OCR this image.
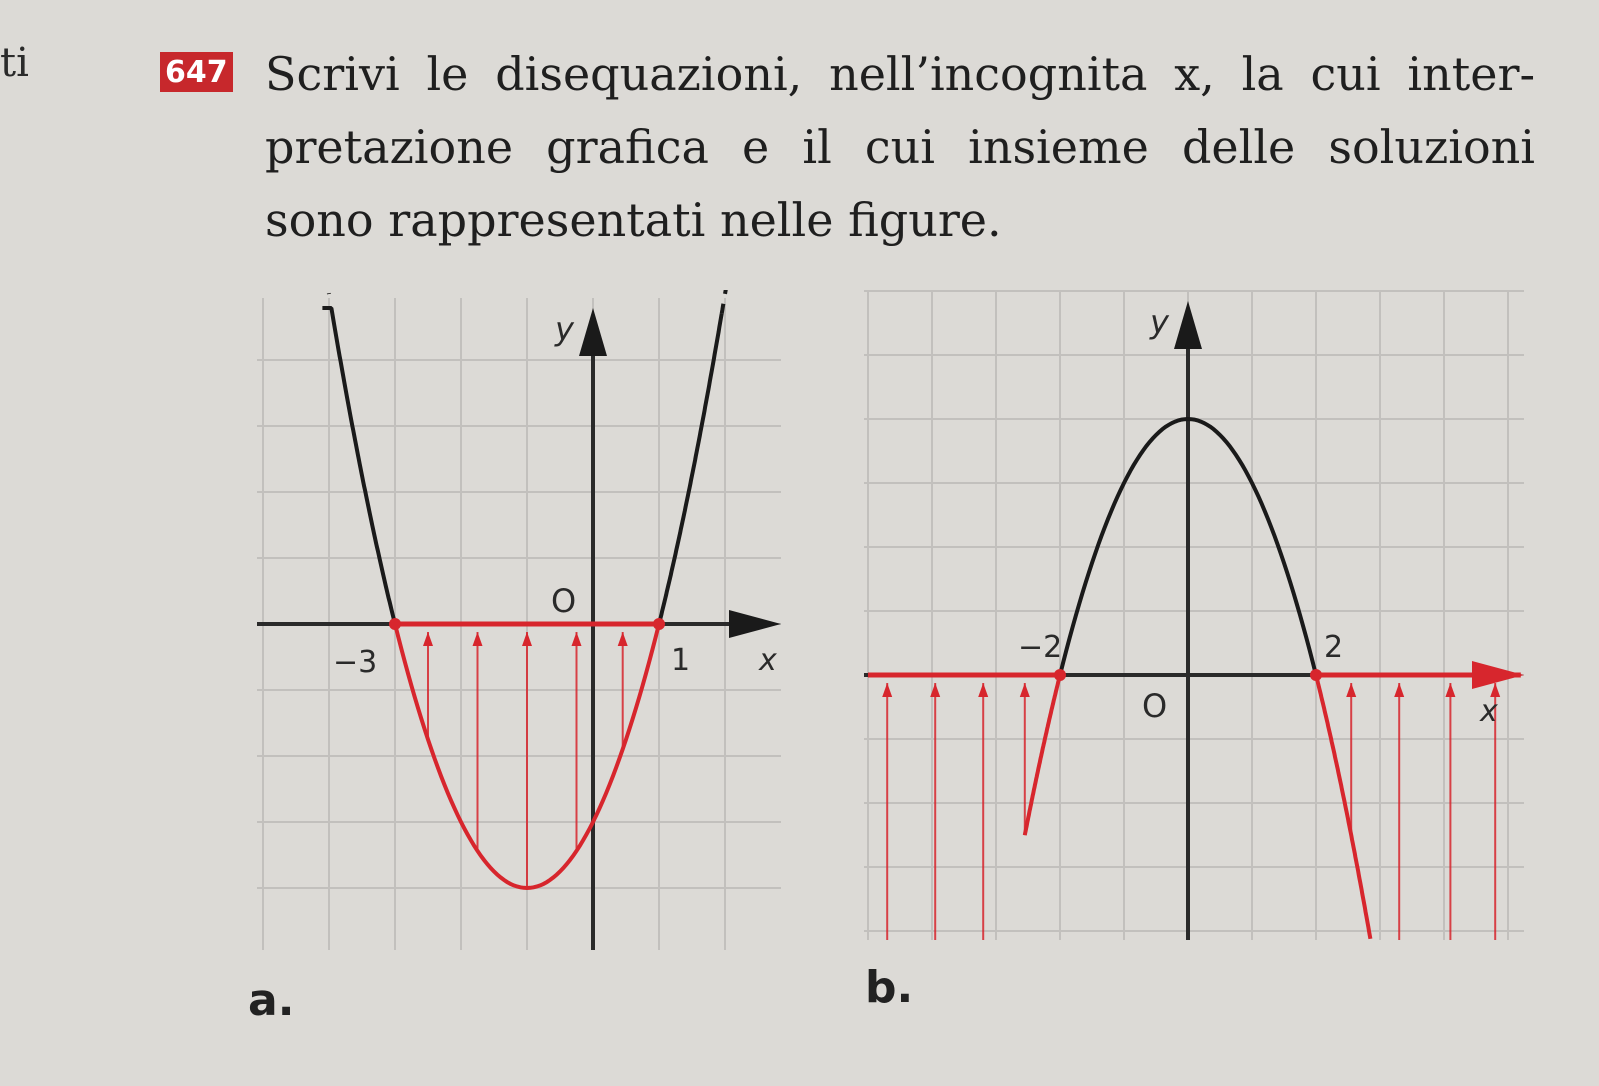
ti	647 Scrivi le disequazioni, nell’incognita x, la cui inter-
pretazione grafica e il cui insieme delle soluzioni
sono rappresentati nelle figure.
y
x
O
−3	1
y
x
O
−2	2
a.	b.
